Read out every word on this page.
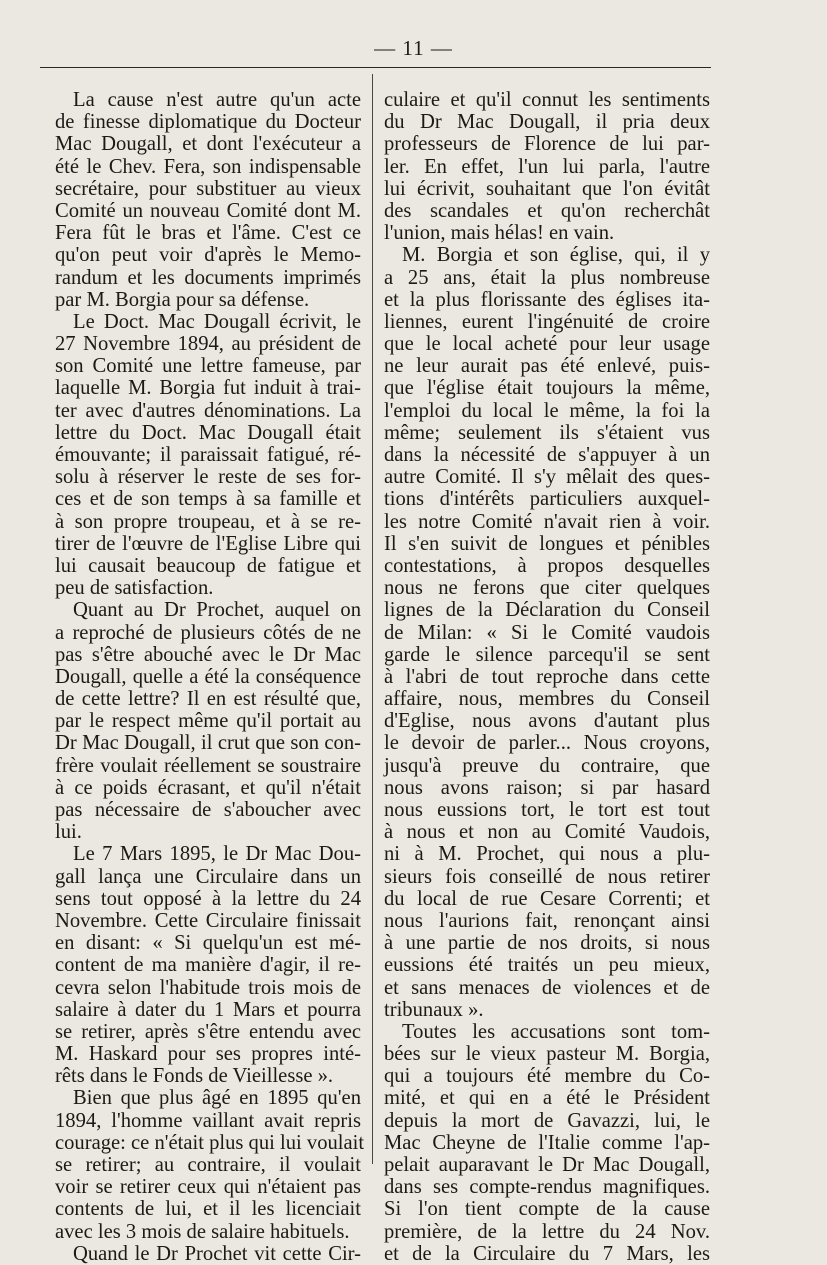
— 11 —
La cause n'est autre qu'un acte
de finesse diplomatique du Docteur
Mac Dougall, et dont l'exécuteur a
été le Chev. Fera, son indispensable
secrétaire, pour substituer au vieux
Comité un nouveau Comité dont M.
Fera fût le bras et l'âme. C'est ce
qu'on peut voir d'après le Memo-
randum et les documents imprimés
par M. Borgia pour sa défense.
Le Doct. Mac Dougall écrivit, le
27 Novembre 1894, au président de
son Comité une lettre fameuse, par
laquelle M. Borgia fut induit à trai-
ter avec d'autres dénominations. La
lettre du Doct. Mac Dougall était
émouvante; il paraissait fatigué, ré-
solu à réserver le reste de ses for-
ces et de son temps à sa famille et
à son propre troupeau, et à se re-
tirer de l'œuvre de l'Eglise Libre qui
lui causait beaucoup de fatigue et
peu de satisfaction.
Quant au Dr Prochet, auquel on
a reproché de plusieurs côtés de ne
pas s'être abouché avec le Dr Mac
Dougall, quelle a été la conséquence
de cette lettre? Il en est résulté que,
par le respect même qu'il portait au
Dr Mac Dougall, il crut que son con-
frère voulait réellement se soustraire
à ce poids écrasant, et qu'il n'était
pas nécessaire de s'aboucher avec
lui.
Le 7 Mars 1895, le Dr Mac Dou-
gall lança une Circulaire dans un
sens tout opposé à la lettre du 24
Novembre. Cette Circulaire finissait
en disant: « Si quelqu'un est mé-
content de ma manière d'agir, il re-
cevra selon l'habitude trois mois de
salaire à dater du 1 Mars et pourra
se retirer, après s'être entendu avec
M. Haskard pour ses propres inté-
rêts dans le Fonds de Vieillesse ».
Bien que plus âgé en 1895 qu'en
1894, l'homme vaillant avait repris
courage: ce n'était plus qui lui voulait
se retirer; au contraire, il voulait
voir se retirer ceux qui n'étaient pas
contents de lui, et il les licenciait
avec les 3 mois de salaire habituels.
Quand le Dr Prochet vit cette Cir-
culaire et qu'il connut les sentiments
du Dr Mac Dougall, il pria deux
professeurs de Florence de lui par-
ler. En effet, l'un lui parla, l'autre
lui écrivit, souhaitant que l'on évitât
des scandales et qu'on recherchât
l'union, mais hélas! en vain.
M. Borgia et son église, qui, il y
a 25 ans, était la plus nombreuse
et la plus florissante des églises ita-
liennes, eurent l'ingénuité de croire
que le local acheté pour leur usage
ne leur aurait pas été enlevé, puis-
que l'église était toujours la même,
l'emploi du local le même, la foi la
même; seulement ils s'étaient vus
dans la nécessité de s'appuyer à un
autre Comité. Il s'y mêlait des ques-
tions d'intérêts particuliers auxquel-
les notre Comité n'avait rien à voir.
Il s'en suivit de longues et pénibles
contestations, à propos desquelles
nous ne ferons que citer quelques
lignes de la Déclaration du Conseil
de Milan: « Si le Comité vaudois
garde le silence parcequ'il se sent
à l'abri de tout reproche dans cette
affaire, nous, membres du Conseil
d'Eglise, nous avons d'autant plus
le devoir de parler... Nous croyons,
jusqu'à preuve du contraire, que
nous avons raison; si par hasard
nous eussions tort, le tort est tout
à nous et non au Comité Vaudois,
ni à M. Prochet, qui nous a plu-
sieurs fois conseillé de nous retirer
du local de rue Cesare Correnti; et
nous l'aurions fait, renonçant ainsi
à une partie de nos droits, si nous
eussions été traités un peu mieux,
et sans menaces de violences et de
tribunaux ».
Toutes les accusations sont tom-
bées sur le vieux pasteur M. Borgia,
qui a toujours été membre du Co-
mité, et qui en a été le Président
depuis la mort de Gavazzi, lui, le
Mac Cheyne de l'Italie comme l'ap-
pelait auparavant le Dr Mac Dougall,
dans ses compte-rendus magnifiques.
Si l'on tient compte de la cause
première, de la lettre du 24 Nov.
et de la Circulaire du 7 Mars, les
